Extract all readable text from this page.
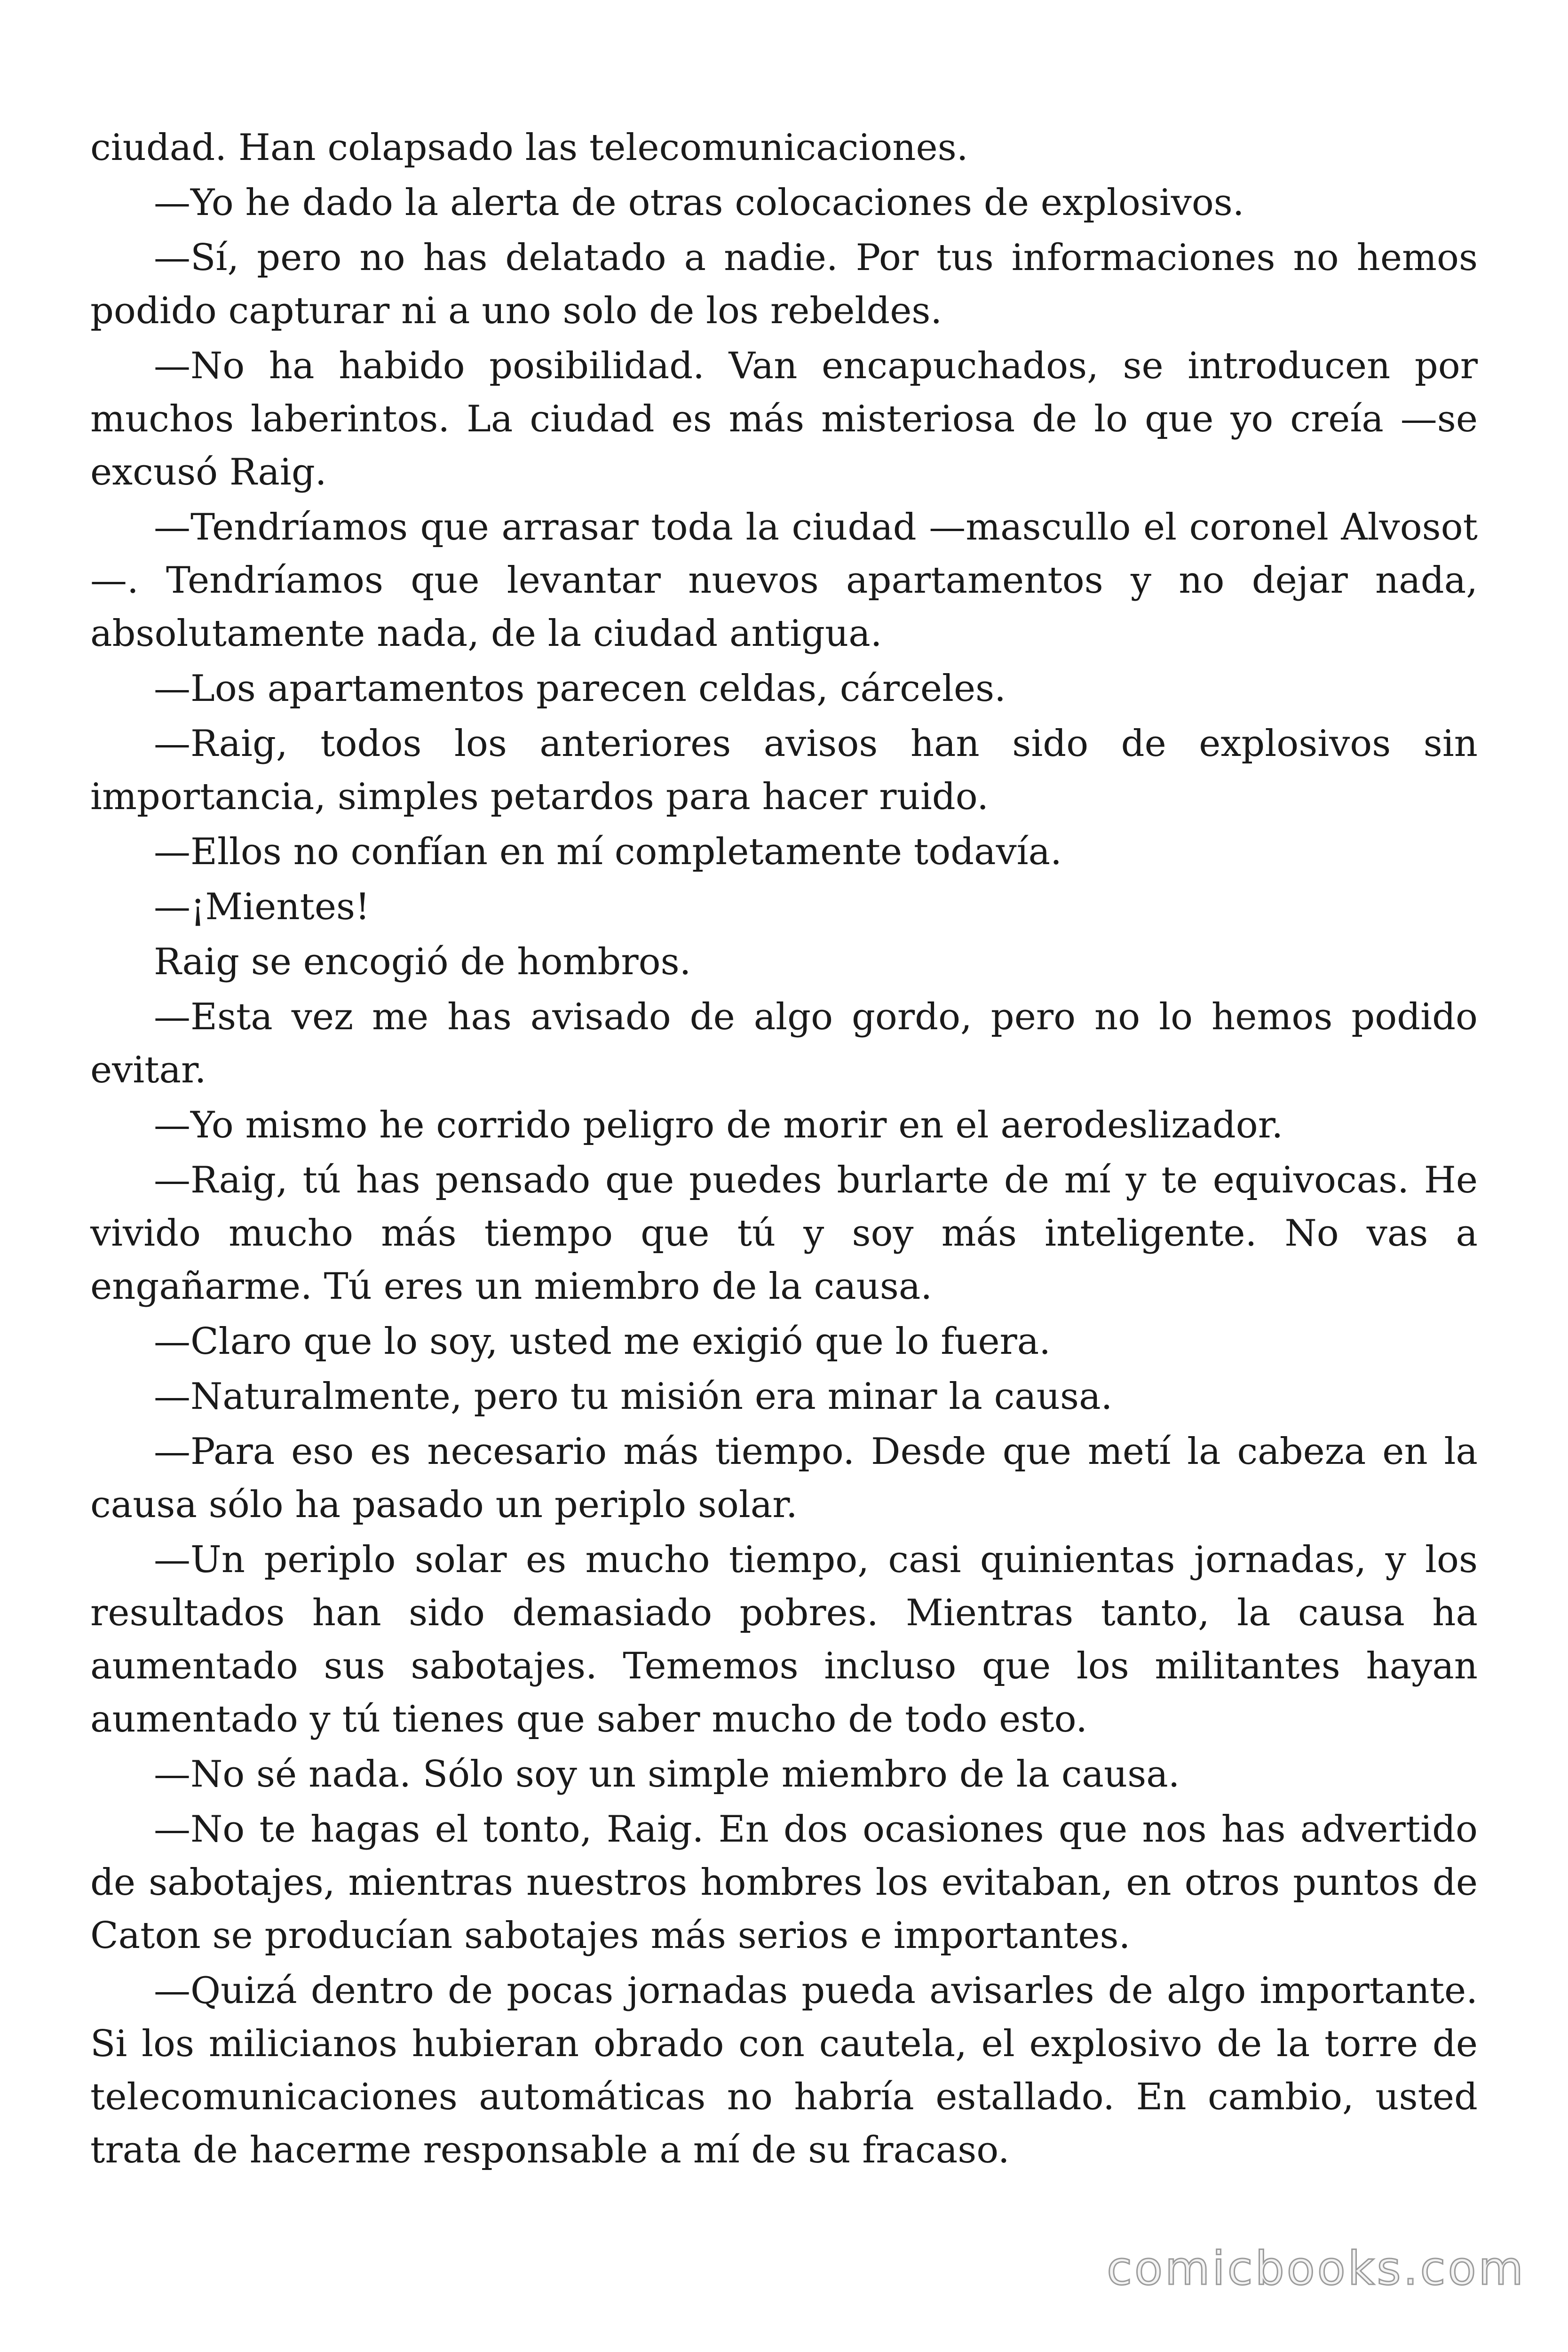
ciudad. Han colapsado las telecomunicaciones.

—Yo he dado la alerta de otras colocaciones de explosivos.

—Sí, pero no has delatado a nadie. Por tus informaciones no hemos podido capturar ni a uno solo de los rebeldes.

—No ha habido posibilidad. Van encapuchados, se introducen por muchos laberintos. La ciudad es más misteriosa de lo que yo creía —se excusó Raig.

—Tendríamos que arrasar toda la ciudad —mascullo el coronel Alvosot—. Tendríamos que levantar nuevos apartamentos y no dejar nada, absolutamente nada, de la ciudad antigua.

—Los apartamentos parecen celdas, cárceles.

—Raig, todos los anteriores avisos han sido de explosivos sin importancia, simples petardos para hacer ruido.

—Ellos no confían en mí completamente todavía.

—¡Mientes!

Raig se encogió de hombros.

—Esta vez me has avisado de algo gordo, pero no lo hemos podido evitar.

—Yo mismo he corrido peligro de morir en el aerodeslizador.

—Raig, tú has pensado que puedes burlarte de mí y te equivocas. He vivido mucho más tiempo que tú y soy más inteligente. No vas a engañarme. Tú eres un miembro de la causa.

—Claro que lo soy, usted me exigió que lo fuera.

—Naturalmente, pero tu misión era minar la causa.

—Para eso es necesario más tiempo. Desde que metí la cabeza en la causa sólo ha pasado un periplo solar.

—Un periplo solar es mucho tiempo, casi quinientas jornadas, y los resultados han sido demasiado pobres. Mientras tanto, la causa ha aumentado sus sabotajes. Tememos incluso que los militantes hayan aumentado y tú tienes que saber mucho de todo esto.

—No sé nada. Sólo soy un simple miembro de la causa.

—No te hagas el tonto, Raig. En dos ocasiones que nos has advertido de sabotajes, mientras nuestros hombres los evitaban, en otros puntos de Caton se producían sabotajes más serios e importantes.

—Quizá dentro de pocas jornadas pueda avisarles de algo importante. Si los milicianos hubieran obrado con cautela, el explosivo de la torre de telecomunicaciones automáticas no habría estallado. En cambio, usted trata de hacerme responsable a mí de su fracaso.

comicbooks.com
